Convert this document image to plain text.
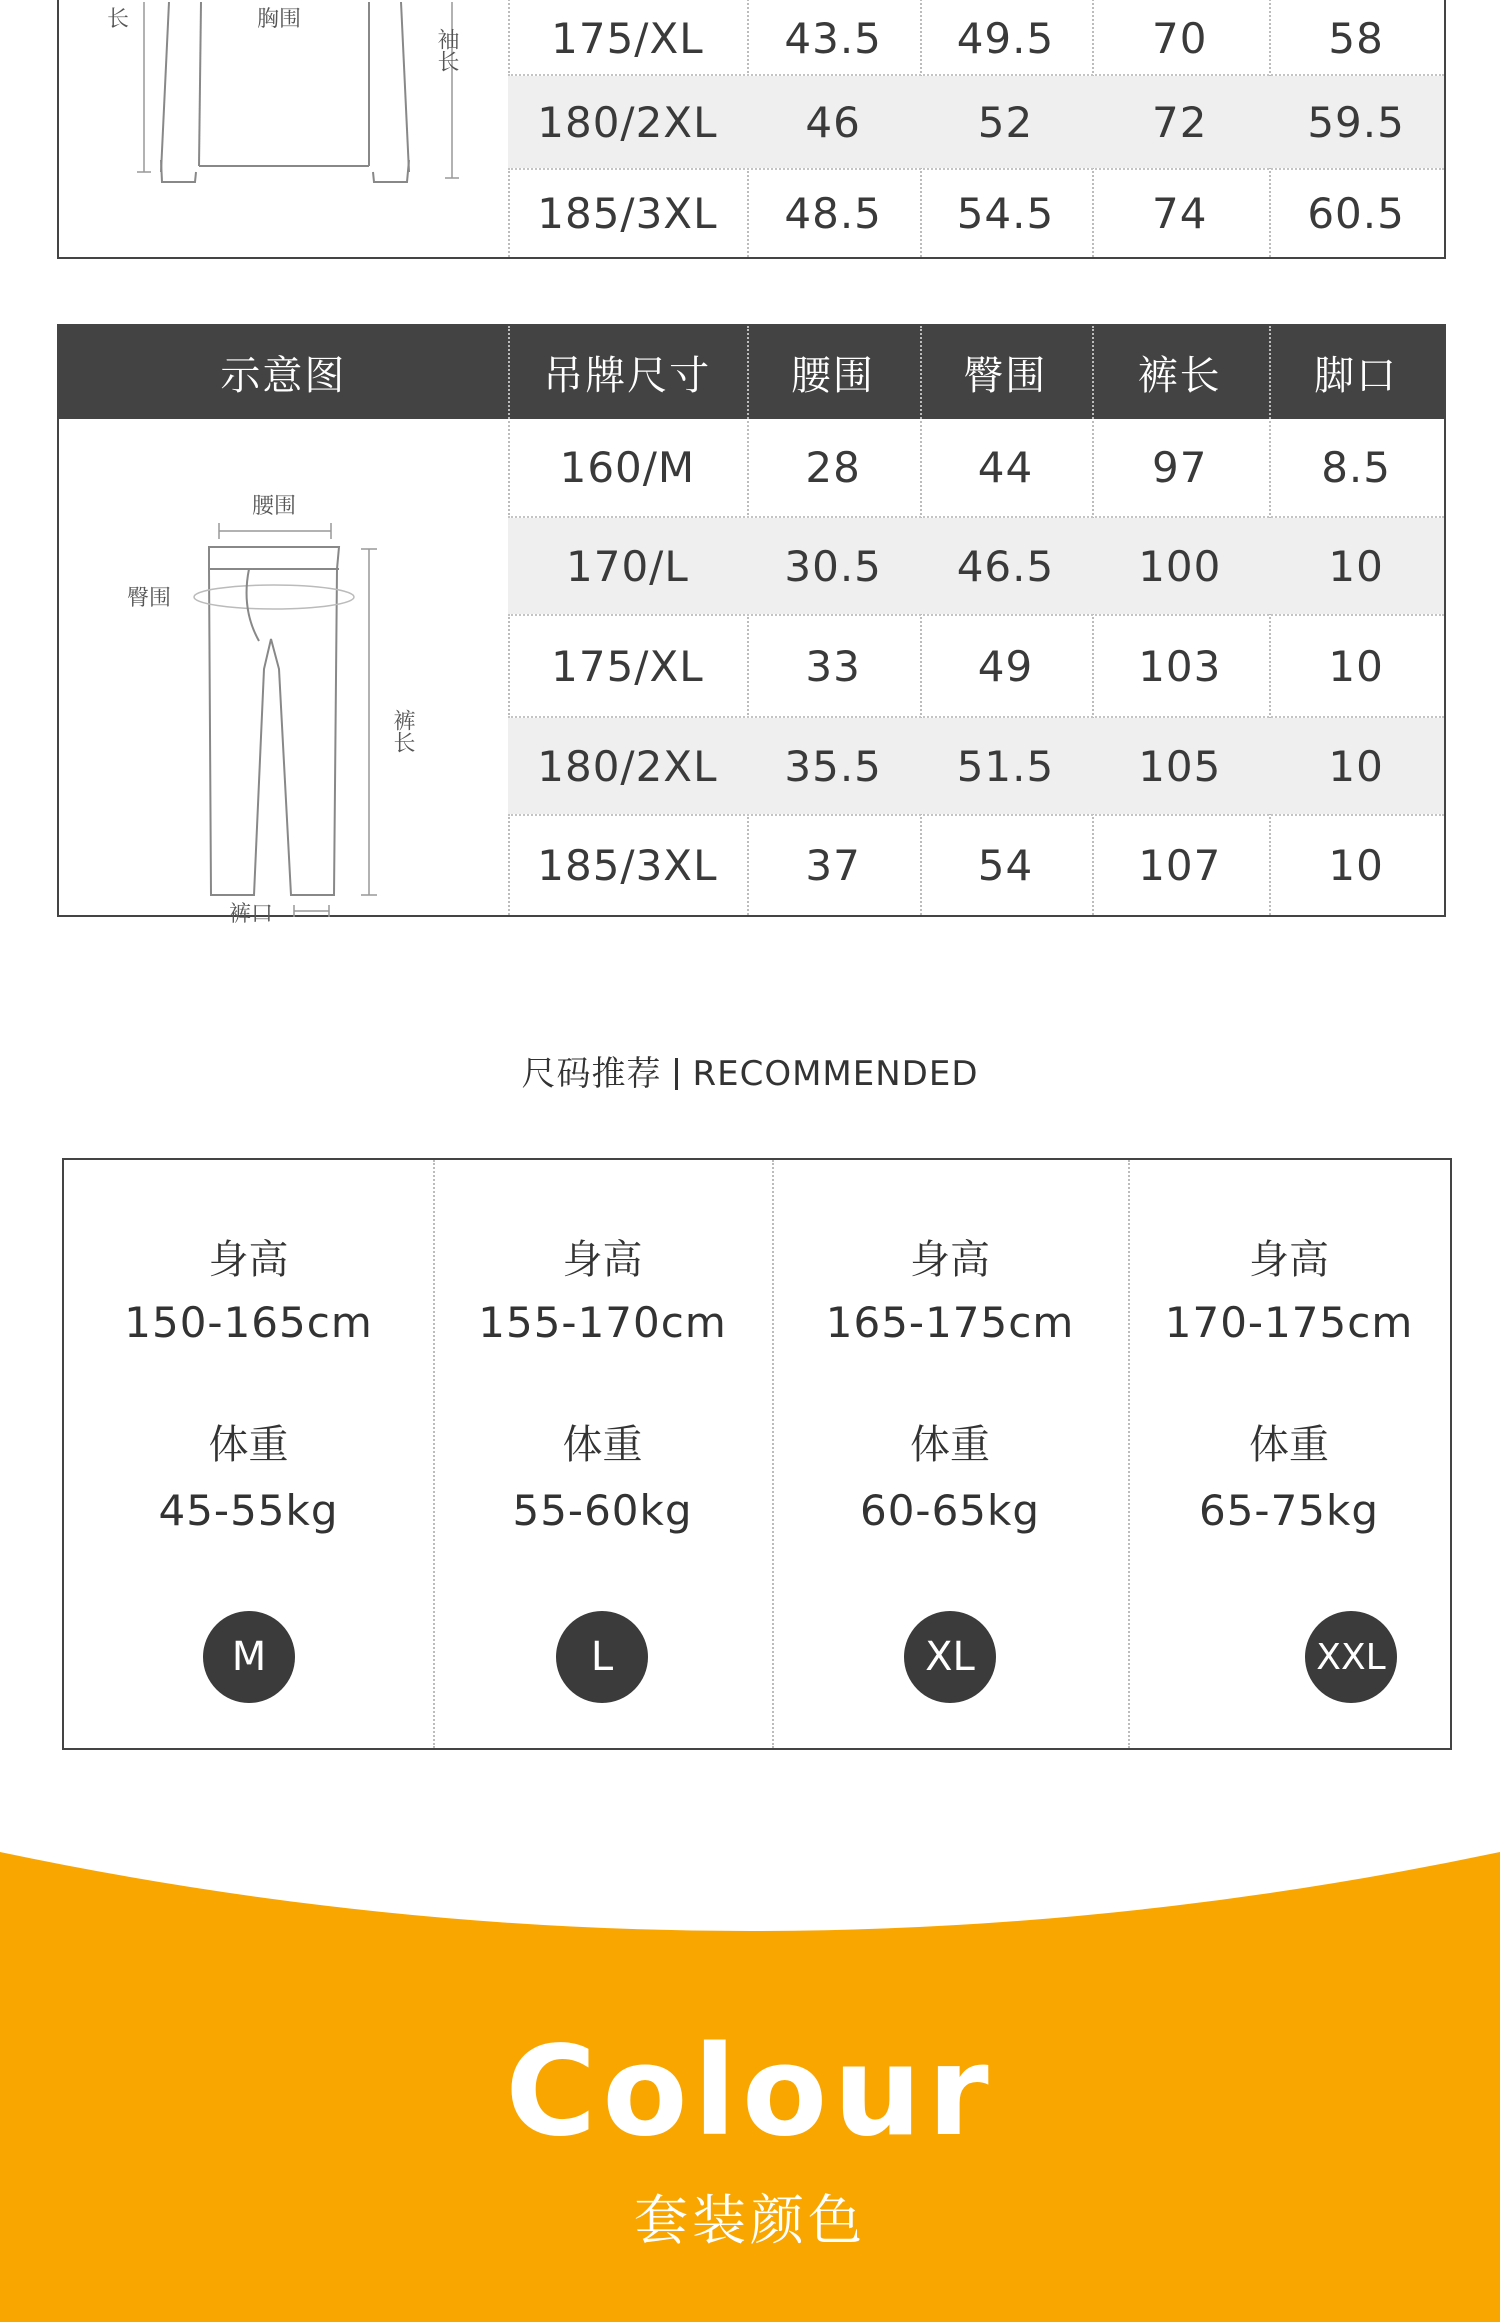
长	胸围
袖长	175/XL	43.5	49.5	70	58
180/2XL	46	52	72	59.5
185/3XL	48.5	54.5	74	60.5
示意图	吊牌尺寸	腰围	臀围	裤长	脚口
腰围
臀围
裤长
裤口
160/M	28	44	97	8.5
170/L	30.5	46.5	100	10
175/XL	33	49	103	10
180/2XL	35.5	51.5	105	10
185/3XL	37	54	107	10
尺码推荐 RECOMMENDED
身高
150-165cm
体重
45-55kg
M
身高
155-170cm
体重
55-60kg
L
身高
165-175cm
体重
60-65kg
XL
身高
170-175cm
体重
65-75kg
XXL
Colour
套装颜色
